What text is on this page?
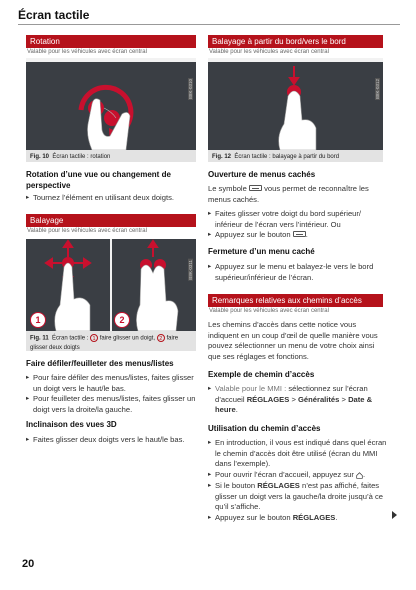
Écran tactile
Rotation
Valable pour les véhicules avec écran central
B8K-0310
Fig. 10 Écran tactile : rotation
Rotation d’une vue ou changement de perspective
▸ Tournez l’élément en utilisant deux doigts.
Balayage
Valable pour les véhicules avec écran central
B8K-0311
1	2
Fig. 11 Écran tactile : 1 faire glisser un doigt, 2 faire glisser deux doigts
Faire défiler/feuilleter des menus/listes
▸ Pour faire défiler des menus/listes, faites glisser un doigt vers le haut/le bas.
▸ Pour feuilleter des menus/listes, faites glisser un doigt vers la droite/la gauche.
Inclinaison des vues 3D
▸ Faites glisser deux doigts vers le haut/le bas.
Balayage à partir du bord/vers le bord
Valable pour les véhicules avec écran central
B8K-0312
Fig. 12 Écran tactile : balayage à partir du bord
Ouverture de menus cachés
Le symbole vous permet de reconnaître les menus cachés.
▸ Faites glisser votre doigt du bord supérieur/ inférieur de l’écran vers l’intérieur. Ou
▸ Appuyez sur le bouton .
Fermeture d’un menu caché
▸ Appuyez sur le menu et balayez-le vers le bord supérieur/inférieur de l’écran.
Remarques relatives aux chemins d’accès
Valable pour les véhicules avec écran central
Les chemins d’accès dans cette notice vous indiquent en un coup d’œil de quelle manière vous pouvez sélectionner un menu de votre choix ainsi que ses réglages et fonctions.
Exemple de chemin d’accès
▸ Valable pour le MMI : sélectionnez sur l’écran d’accueil RÉGLAGES > Généralités > Date & heure.
Utilisation du chemin d’accès
▸ En introduction, il vous est indiqué dans quel écran le chemin d’accès doit être utilisé (écran du MMI dans l’exemple).
▸ Pour ouvrir l’écran d’accueil, appuyez sur .
▸ Si le bouton RÉGLAGES n’est pas affiché, faites glisser un doigt vers la gauche/la droite jusqu’à ce qu’il s’affiche.
▸ Appuyez sur le bouton RÉGLAGES.
20
